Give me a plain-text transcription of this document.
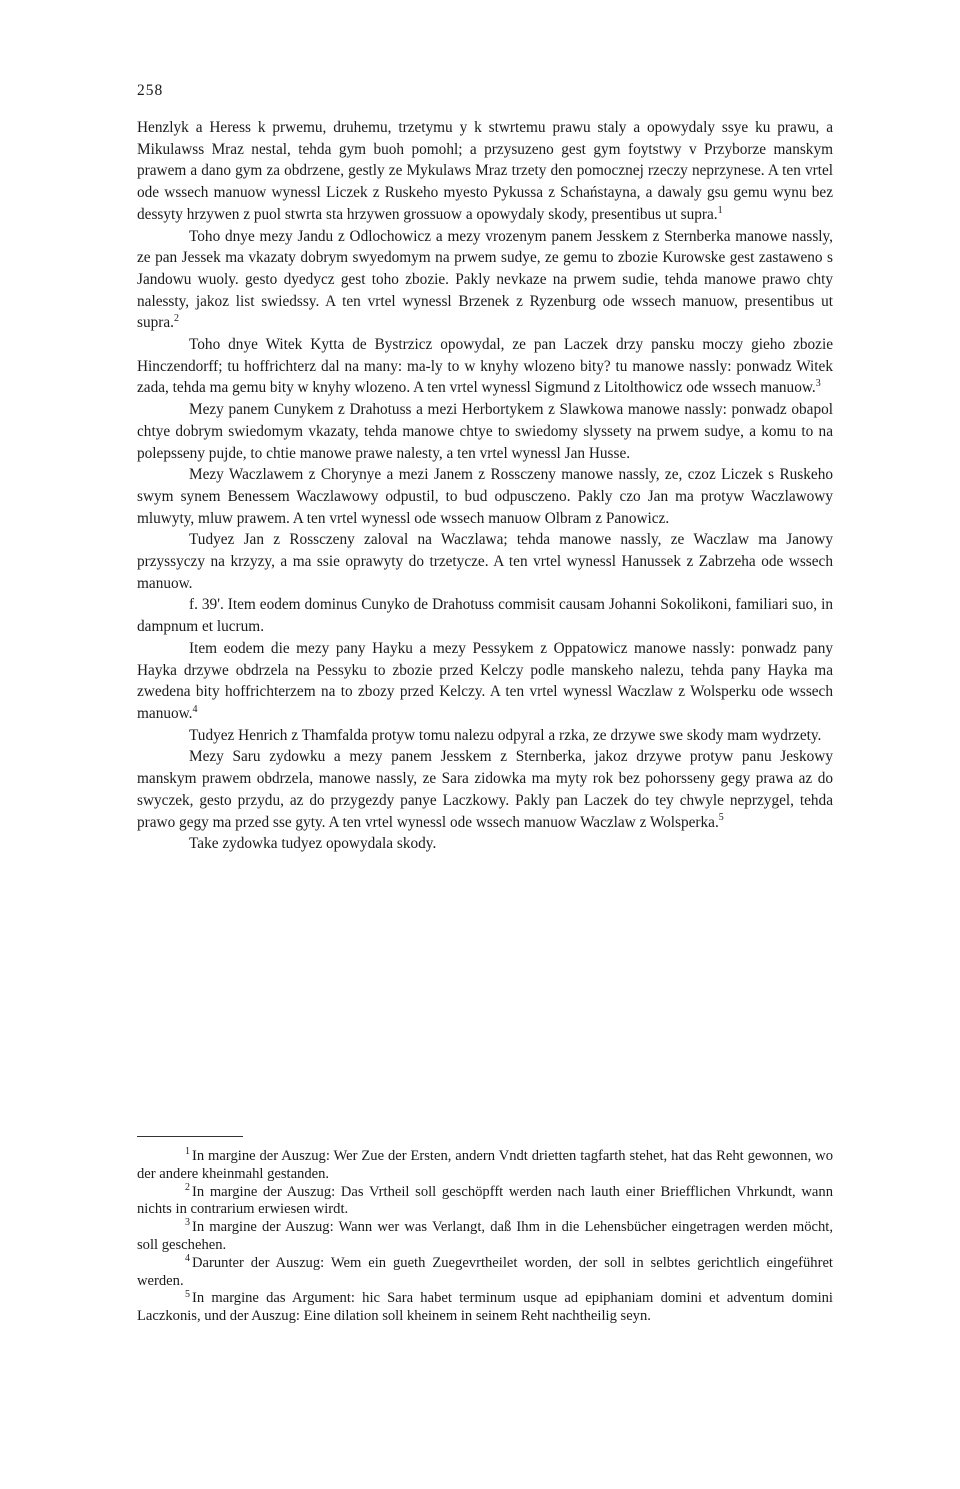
258

Henzlyk a Heress k prwemu, druhemu, trzetymu y k stwrtemu prawu staly a opowydaly ssye ku prawu, a Mikulawss Mraz nestal, tehda gym buoh pomohl; a przysuzeno gest gym foytstwy v Przyborze manskym prawem a dano gym za obdrzene, gestly ze Mykulaws Mraz trzety den pomocznej rzeczy neprzynese. A ten vrtel ode wssech manuow wynessl Liczek z Ruskeho myesto Pykussa z Schaństayna, a dawaly gsu gemu wynu bez dessyty hrzywen z puol stwrta sta hrzywen grossuow a opowydaly skody, presentibus ut supra.$^1$

Toho dnye mezy Jandu z Odlochowicz a mezy vrozenym panem Jesskem z Sternberka manowe nassly, ze pan Jessek ma vkazaty dobrym swyedomym na prwem sudye, ze gemu to zbozie Kurowske gest zastaweno s Jandowu wuoly. gesto dyedycz gest toho zbozie. Pakly nevkaze na prwem sudie, tehda manowe prawo chty nalessty, jakoz list swiedssy. A ten vrtel wynessl Brzenek z Ryzenburg ode wssech manuow, presentibus ut supra.$^2$

Toho dnye Witek Kytta de Bystrzicz opowydal, ze pan Laczek drzy pansku moczy gieho zbozie Hinczendorff; tu hoffrichterz dal na many: ma-ly to w knyhy wlozeno bity? tu manowe nassly: ponwadz Witek zada, tehda ma gemu bity w knyhy wlozeno. A ten vrtel wynessl Sigmund z Litolthowicz ode wssech manuow.$^3$

Mezy panem Cunykem z Drahotuss a mezi Herbortykem z Slawkowa manowe nassly: ponwadz obapol chtye dobrym swiedomym vkazaty, tehda manowe chtye to swiedomy slyssety na prwem sudye, a komu to na polepsseny pujde, to chtie manowe prawe nalesty, a ten vrtel wynessl Jan Husse.

Mezy Waczlawem z Chorynye a mezi Janem z Rossczeny manowe nassly, ze, czoz Liczek s Ruskeho swym synem Benessem Waczlawowy odpustil, to bud odpusczeno. Pakly czo Jan ma protyw Waczlawowy mluwyty, mluw prawem. A ten vrtel wynessl ode wssech manuow Olbram z Panowicz.

Tudyez Jan z Rossczeny zaloval na Waczlawa; tehda manowe nassly, ze Waczlaw ma Janowy przyssyczy na krzyzy, a ma ssie oprawyty do trzetycze. A ten vrtel wynessl Hanussek z Zabrzeha ode wssech manuow.

f. 39'. Item eodem dominus Cunyko de Drahotuss commisit causam Johanni Sokolikoni, familiari suo, in dampnum et lucrum.

Item eodem die mezy pany Hayku a mezy Pessykem z Oppatowicz manowe nassly: ponwadz pany Hayka drzywe obdrzela na Pessyku to zbozie przed Kelczy podle manskeho nalezu, tehda pany Hayka ma zwedena bity hoffrichterzem na to zbozy przed Kelczy. A ten vrtel wynessl Waczlaw z Wolsperku ode wssech manuow.$^4$

Tudyez Henrich z Thamfalda protyw tomu nalezu odpyral a rzka, ze drzywe swe skody mam wydrzety.

Mezy Saru zydowku a mezy panem Jesskem z Sternberka, jakoz drzywe protyw panu Jeskowy manskym prawem obdrzela, manowe nassly, ze Sara zidowka ma myty rok bez pohorsseny gegy prawa az do swyczek, gesto przydu, az do przygezdy panye Laczkowy. Pakly pan Laczek do tey chwyle neprzygel, tehda prawo gegy ma przed sse gyty. A ten vrtel wynessl ode wssech manuow Waczlaw z Wolsperka.$^5$

Take zydowka tudyez opowydala skody.

$^1$ In margine der Auszug: Wer Zue der Ersten, andern Vndt drietten tagfarth stehet, hat das Reht gewonnen, wo der andere kheinmahl gestanden.

$^2$ In margine der Auszug: Das Vrtheil soll geschöpfft werden nach lauth einer Briefflichen Vhrkundt, wann nichts in contrarium erwiesen wirdt.

$^3$ In margine der Auszug: Wann wer was Verlangt, daß Ihm in die Lehensbücher eingetragen werden möcht, soll geschehen.

$^4$ Darunter der Auszug: Wem ein gueth Zuegevrtheilet worden, der soll in selbtes gerichtlich eingeführet werden.

$^5$ In margine das Argument: hic Sara habet terminum usque ad epiphaniam domini et adventum domini Laczkonis, und der Auszug: Eine dilation soll kheinem in seinem Reht nachtheilig seyn.
